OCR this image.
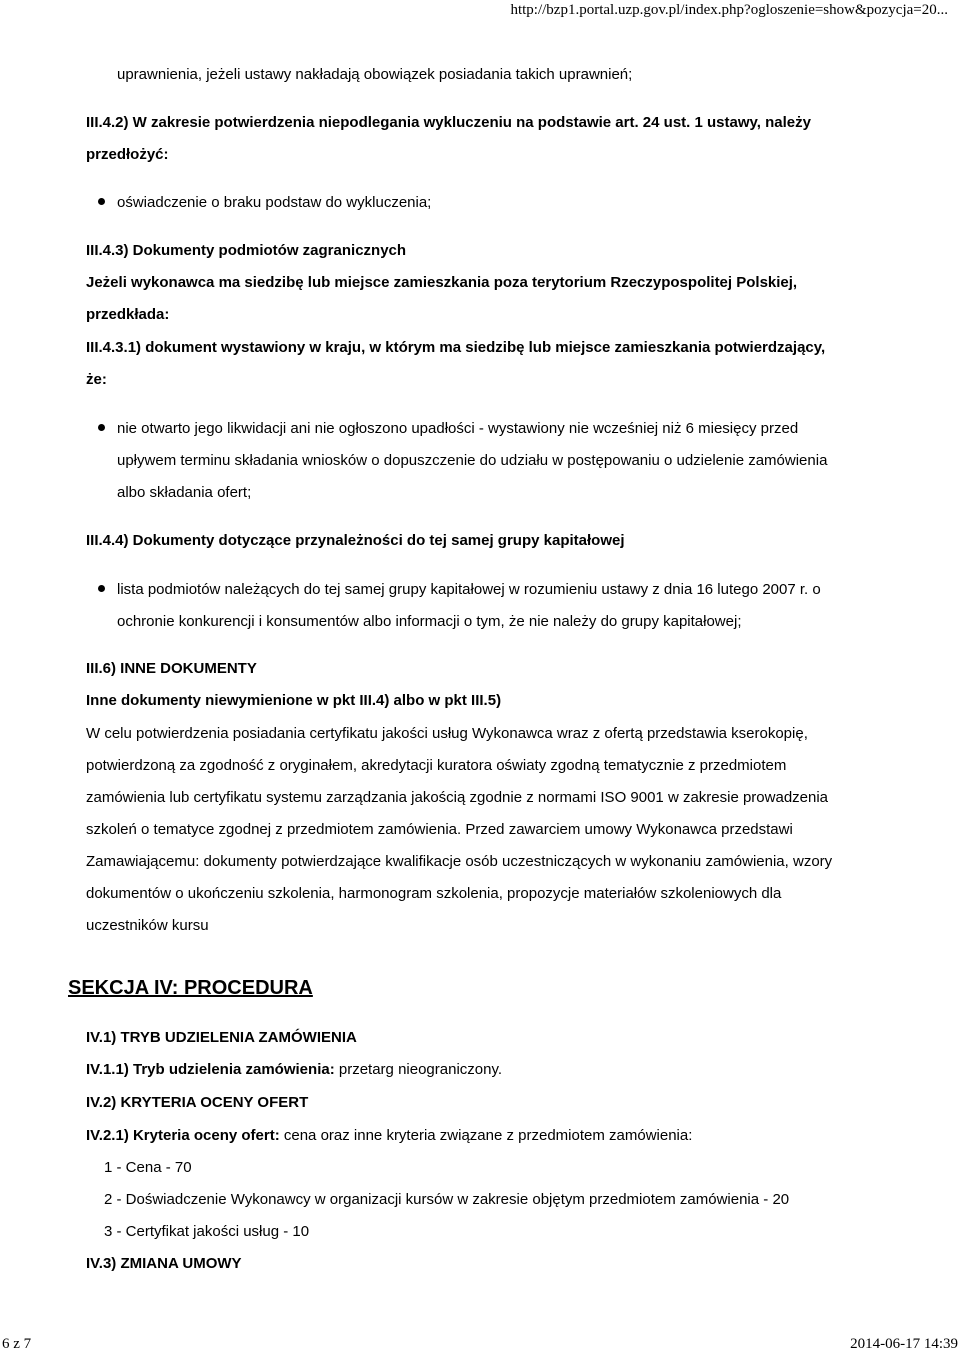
http://bzp1.portal.uzp.gov.pl/index.php?ogloszenie=show&pozycja=20...
uprawnienia, jeżeli ustawy nakładają obowiązek posiadania takich uprawnień;
III.4.2) W zakresie potwierdzenia niepodlegania wykluczeniu na podstawie art. 24 ust. 1 ustawy, należy
przedłożyć:
oświadczenie o braku podstaw do wykluczenia;
III.4.3) Dokumenty podmiotów zagranicznych
Jeżeli wykonawca ma siedzibę lub miejsce zamieszkania poza terytorium Rzeczypospolitej Polskiej,
przedkłada:
III.4.3.1) dokument wystawiony w kraju, w którym ma siedzibę lub miejsce zamieszkania potwierdzający,
że:
nie otwarto jego likwidacji ani nie ogłoszono upadłości - wystawiony nie wcześniej niż 6 miesięcy przed
upływem terminu składania wniosków o dopuszczenie do udziału w postępowaniu o udzielenie zamówienia
albo składania ofert;
III.4.4) Dokumenty dotyczące przynależności do tej samej grupy kapitałowej
lista podmiotów należących do tej samej grupy kapitałowej w rozumieniu ustawy z dnia 16 lutego 2007 r. o
ochronie konkurencji i konsumentów albo informacji o tym, że nie należy do grupy kapitałowej;
III.6) INNE DOKUMENTY
Inne dokumenty niewymienione w pkt III.4) albo w pkt III.5)
W celu potwierdzenia posiadania certyfikatu jakości usług Wykonawca wraz z ofertą przedstawia kserokopię,
potwierdzoną za zgodność z oryginałem, akredytacji kuratora oświaty zgodną tematycznie z przedmiotem
zamówienia lub certyfikatu systemu zarządzania jakością zgodnie z normami ISO 9001 w zakresie prowadzenia
szkoleń o tematyce zgodnej z przedmiotem zamówienia. Przed zawarciem umowy Wykonawca przedstawi
Zamawiającemu: dokumenty potwierdzające kwalifikacje osób uczestniczących w wykonaniu zamówienia, wzory
dokumentów o ukończeniu szkolenia, harmonogram szkolenia, propozycje materiałów szkoleniowych dla
uczestników kursu
SEKCJA IV: PROCEDURA
IV.1) TRYB UDZIELENIA ZAMÓWIENIA
IV.1.1) Tryb udzielenia zamówienia: przetarg nieograniczony.
IV.2) KRYTERIA OCENY OFERT
IV.2.1) Kryteria oceny ofert: cena oraz inne kryteria związane z przedmiotem zamówienia:
1 - Cena - 70
2 - Doświadczenie Wykonawcy w organizacji kursów w zakresie objętym przedmiotem zamówienia - 20
3 - Certyfikat jakości usług - 10
IV.3) ZMIANA UMOWY
6 z 7	2014-06-17 14:39
